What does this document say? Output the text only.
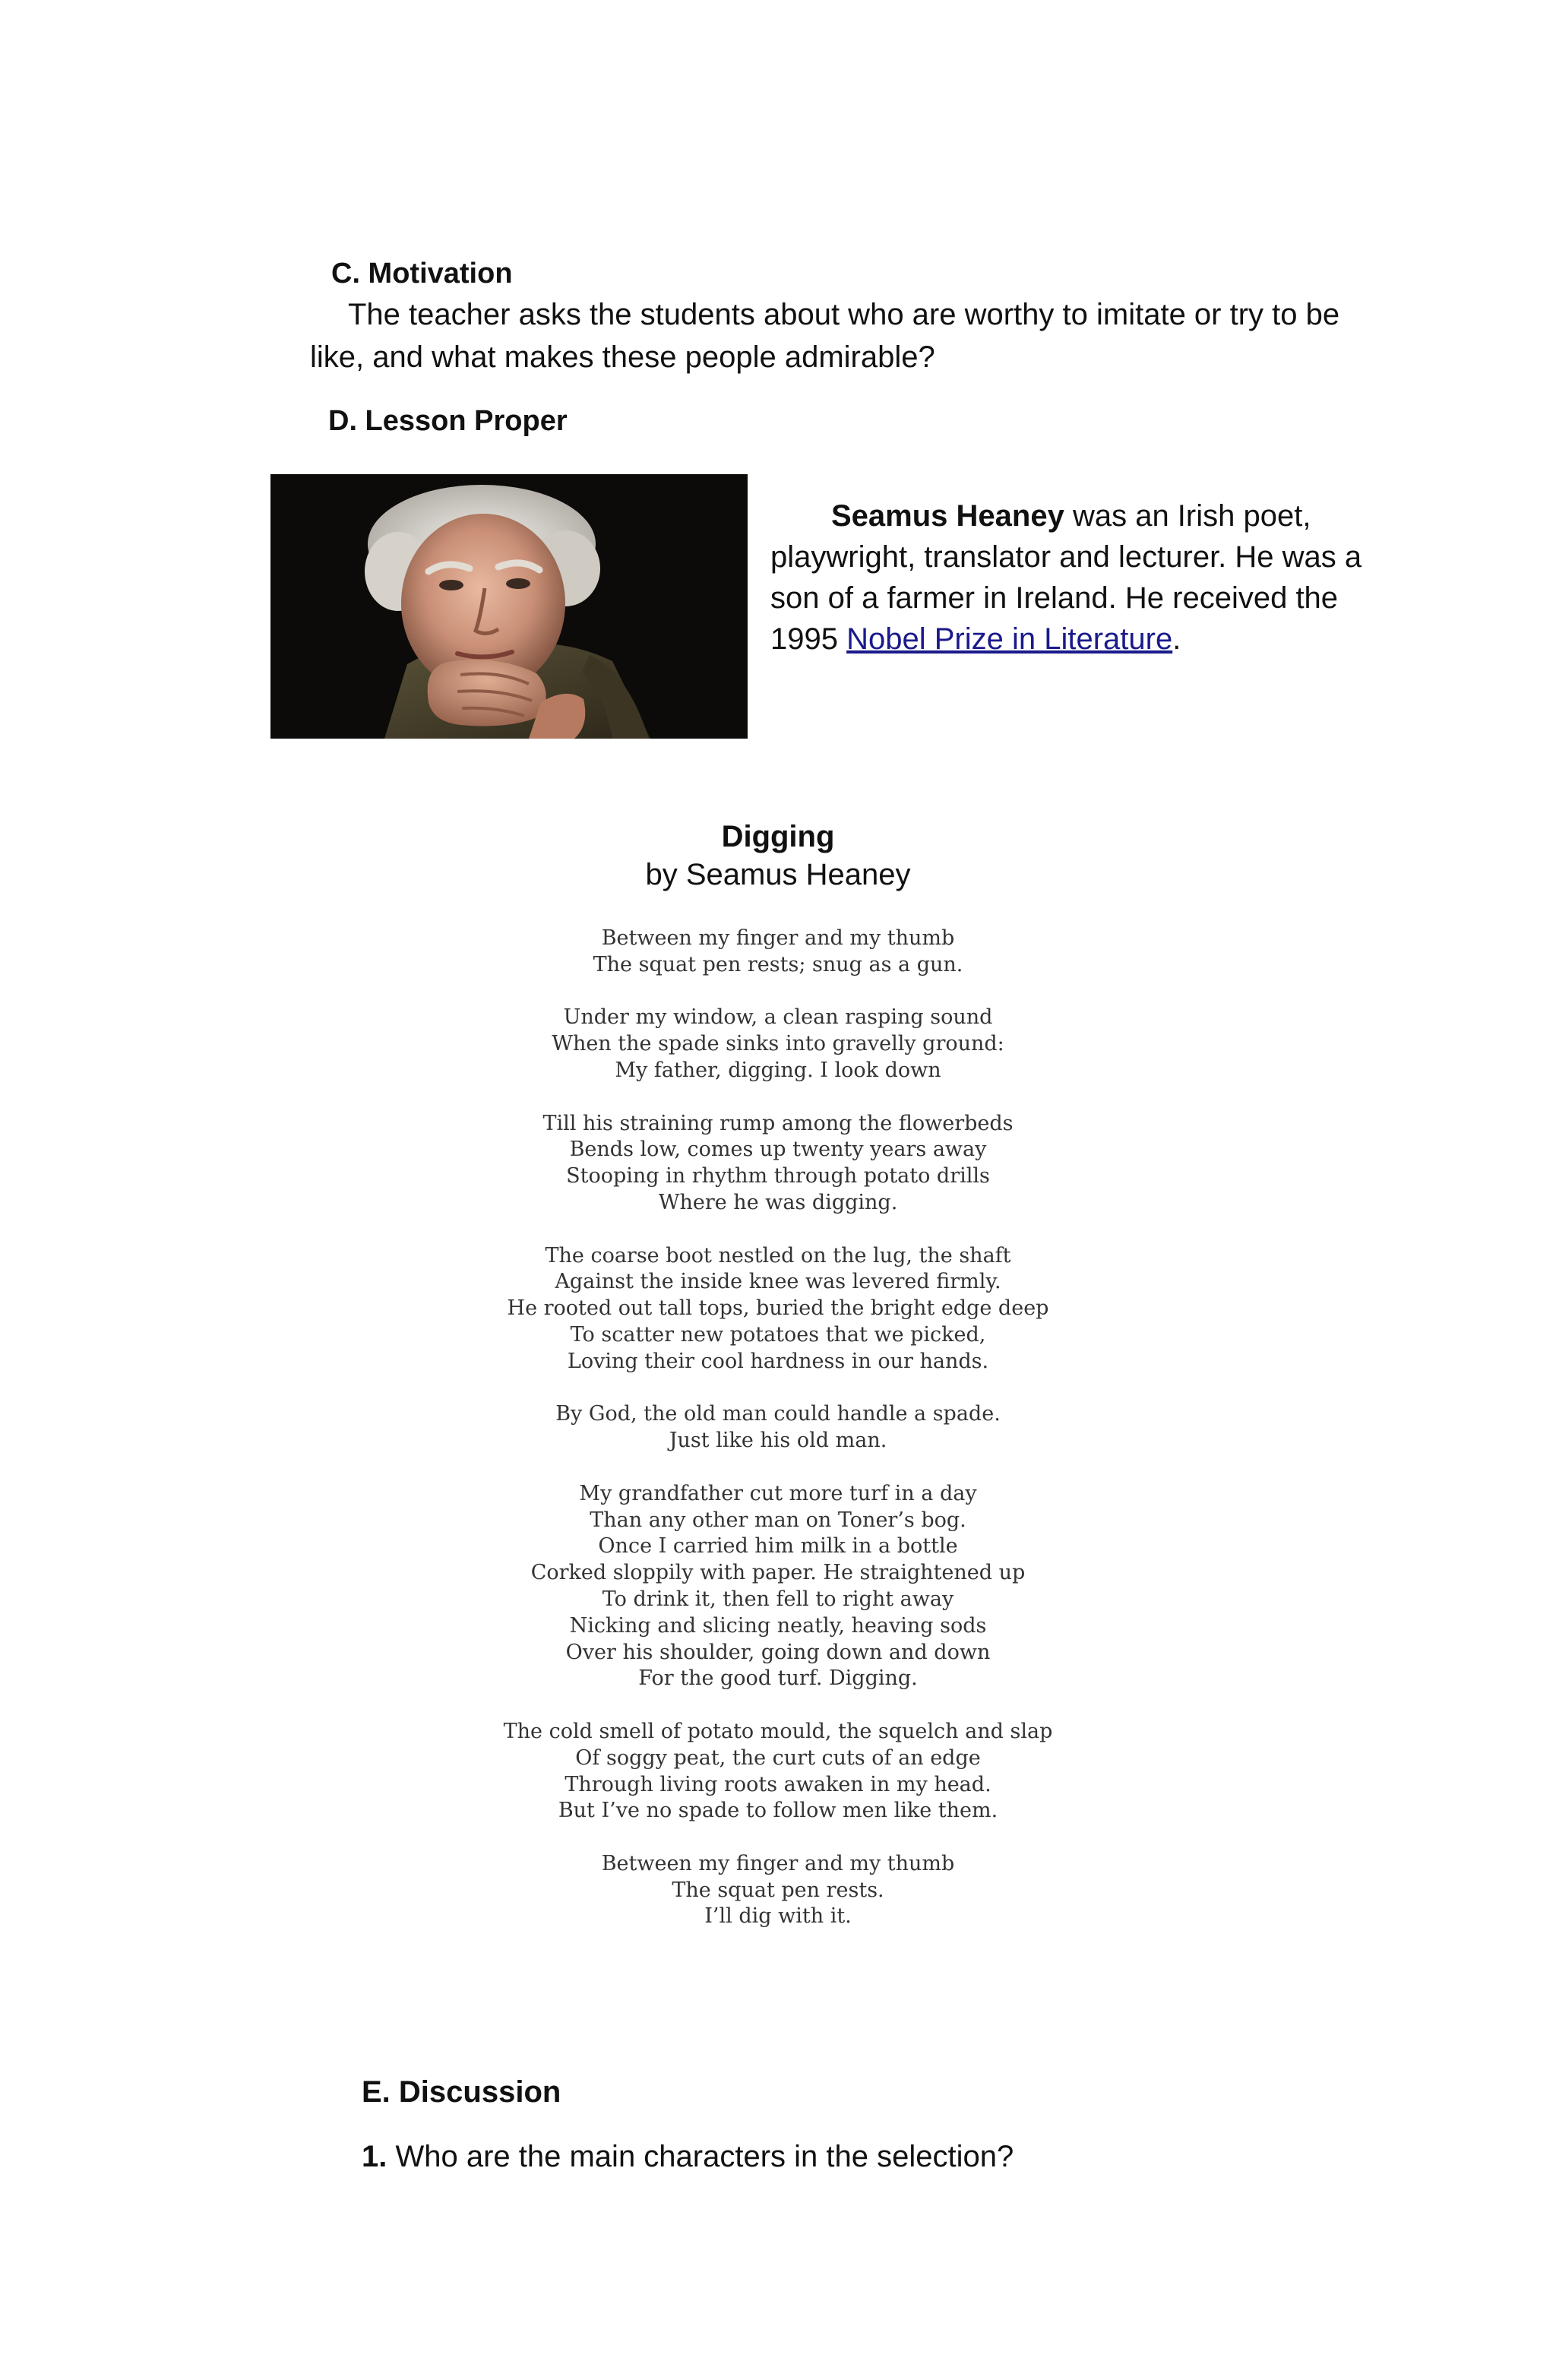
C. Motivation
The teacher asks the students about who are worthy to imitate or try to be like, and what makes these people admirable?
D. Lesson Proper
Seamus Heaney was an Irish poet, playwright, translator and lecturer. He was a son of a farmer in Ireland. He received the 1995 Nobel Prize in Literature.
Digging
by Seamus Heaney
Between my finger and my thumb
The squat pen rests; snug as a gun.
Under my window, a clean rasping sound
When the spade sinks into gravelly ground:
My father, digging. I look down
Till his straining rump among the flowerbeds
Bends low, comes up twenty years away
Stooping in rhythm through potato drills
Where he was digging.
The coarse boot nestled on the lug, the shaft
Against the inside knee was levered firmly.
He rooted out tall tops, buried the bright edge deep
To scatter new potatoes that we picked,
Loving their cool hardness in our hands.
By God, the old man could handle a spade.
Just like his old man.
My grandfather cut more turf in a day
Than any other man on Toner’s bog.
Once I carried him milk in a bottle
Corked sloppily with paper. He straightened up
To drink it, then fell to right away
Nicking and slicing neatly, heaving sods
Over his shoulder, going down and down
For the good turf. Digging.
The cold smell of potato mould, the squelch and slap
Of soggy peat, the curt cuts of an edge
Through living roots awaken in my head.
But I’ve no spade to follow men like them.
Between my finger and my thumb
The squat pen rests.
I’ll dig with it.
E. Discussion
1. Who are the main characters in the selection?
